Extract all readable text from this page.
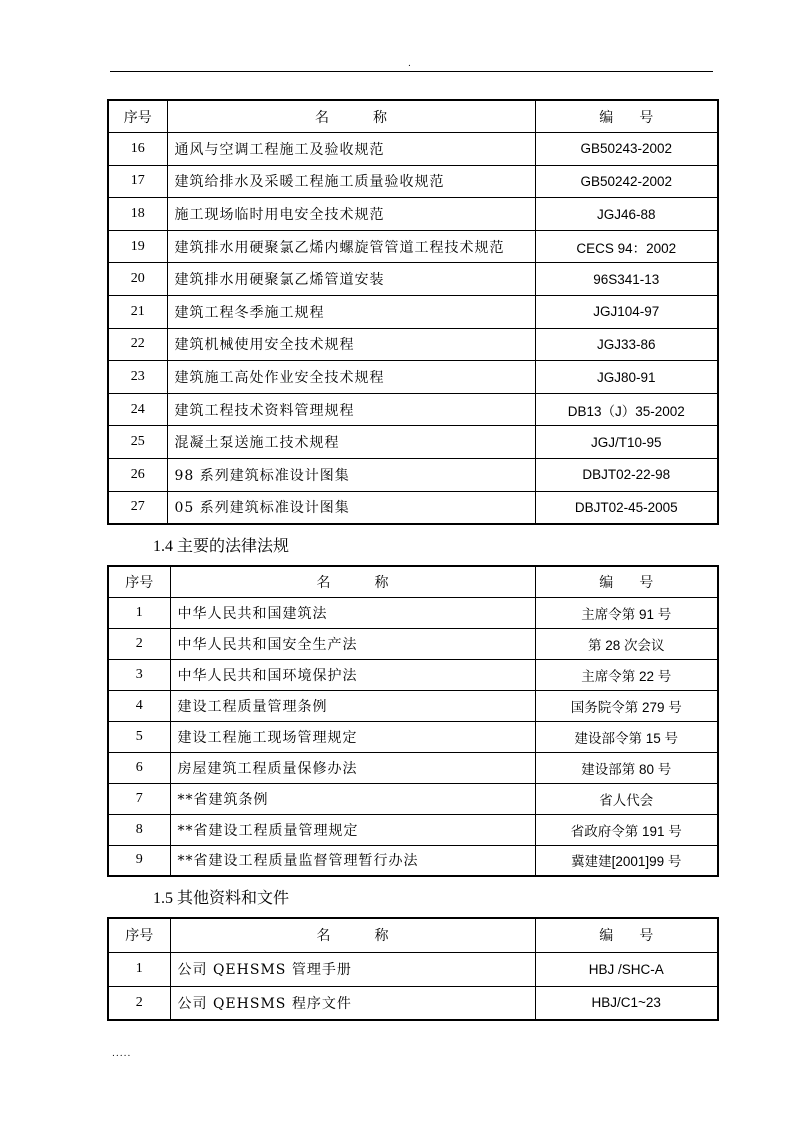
.
序号	名 称	编 号
16	通风与空调工程施工及验收规范	GB50243-2002
17	建筑给排水及采暖工程施工质量验收规范	GB50242-2002
18	施工现场临时用电安全技术规范	JGJ46-88
19	建筑排水用硬聚氯乙烯内螺旋管管道工程技术规范	CECS 94：2002
20	建筑排水用硬聚氯乙烯管道安装	96S341-13
21	建筑工程冬季施工规程	JGJ104-97
22	建筑机械使用安全技术规程	JGJ33-86
23	建筑施工高处作业安全技术规程	JGJ80-91
24	建筑工程技术资料管理规程	DB13（J）35-2002
25	混凝土泵送施工技术规程	JGJ/T10-95
26	98 系列建筑标准设计图集	DBJT02-22-98
27	05 系列建筑标准设计图集	DBJT02-45-2005
1.4 主要的法律法规
序号	名 称	编 号
1	中华人民共和国建筑法	主席令第 91 号
2	中华人民共和国安全生产法	第 28 次会议
3	中华人民共和国环境保护法	主席令第 22 号
4	建设工程质量管理条例	国务院令第 279 号
5	建设工程施工现场管理规定	建设部令第 15 号
6	房屋建筑工程质量保修办法	建设部第 80 号
7	**省建筑条例	省人代会
8	**省建设工程质量管理规定	省政府令第 191 号
9	**省建设工程质量监督管理暂行办法	冀建建[2001]99 号
1.5 其他资料和文件
序号	名 称	编 号
1	公司 QEHSMS 管理手册	HBJ /SHC-A
2	公司 QEHSMS 程序文件	HBJ/C1~23
.....
